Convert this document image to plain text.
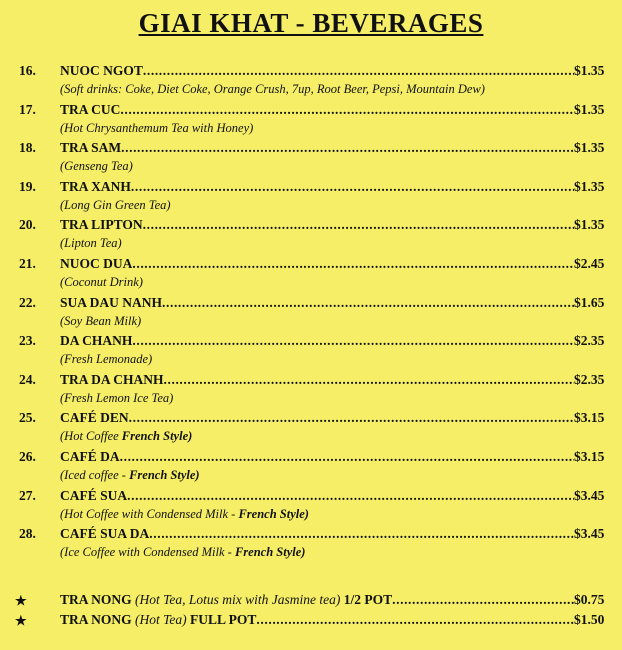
GIAI KHAT - BEVERAGES
16.	NUOC NGOT .....	$1.35
(Soft drinks: Coke, Diet Coke, Orange Crush, 7up, Root Beer, Pepsi, Mountain Dew)
17.	TRA CUC .....	$1.35
(Hot Chrysanthemum Tea with Honey)
18.	TRA SAM .....	$1.35
(Genseng Tea)
19.	TRA XANH .....	$1.35
(Long Gin Green Tea)
20.	TRA LIPTON .....	$1.35
(Lipton Tea)
21.	NUOC DUA .....	$2.45
(Coconut Drink)
22.	SUA DAU NANH .....	$1.65
(Soy Bean Milk)
23.	DA CHANH .....	$2.35
(Fresh Lemonade)
24.	TRA DA CHANH .....	$2.35
(Fresh Lemon Ice Tea)
25.	CAFÉ DEN .....	$3.15
(Hot Coffee French Style)
26.	CAFÉ DA .....	$3.15
(Iced coffee - French Style)
27.	CAFÉ SUA .....	$3.45
(Hot Coffee with Condensed Milk - French Style)
28.	CAFÉ SUA DA .....	$3.45
(Ice Coffee with Condensed Milk - French Style)
★ TRA NONG (Hot Tea, Lotus mix with Jasmine tea) 1/2 POT .....	$0.75
★ TRA NONG (Hot Tea) FULL POT .....	$1.50
